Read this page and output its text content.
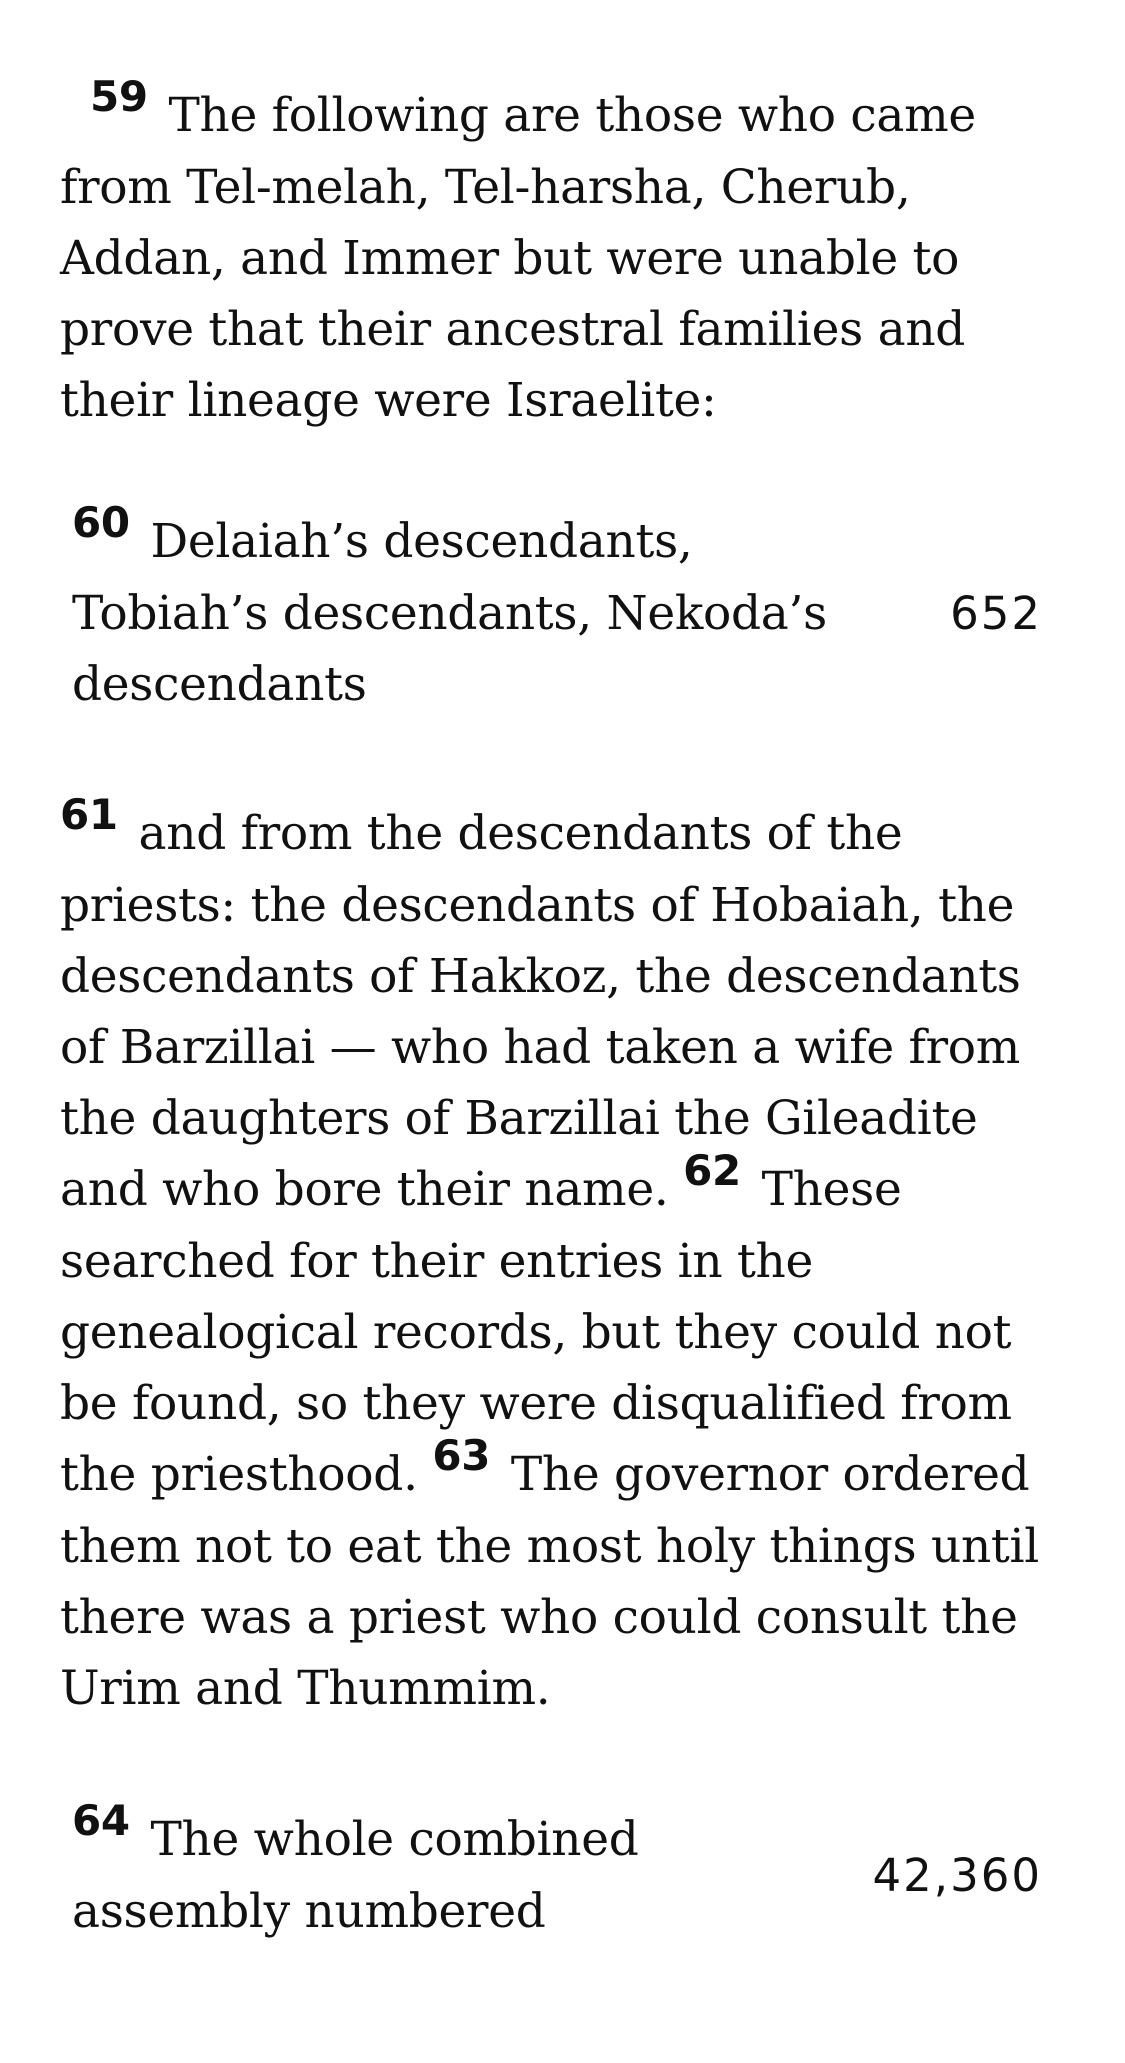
59 The following are those who came from Tel-melah, Tel-harsha, Cherub, Addan, and Immer but were unable to prove that their ancestral families and their lineage were Israelite:

60 Delaiah’s descendants, Tobiah’s descendants, Nekoda’s descendants
652

61 and from the descendants of the priests: the descendants of Hobaiah, the descendants of Hakkoz, the descendants of Barzillai — who had taken a wife from the daughters of Barzillai the Gileadite and who bore their name. 62 These searched for their entries in the genealogical records, but they could not be found, so they were disqualified from the priesthood. 63 The governor ordered them not to eat the most holy things until there was a priest who could consult the Urim and Thummim.

64 The whole combined assembly numbered
42,360
